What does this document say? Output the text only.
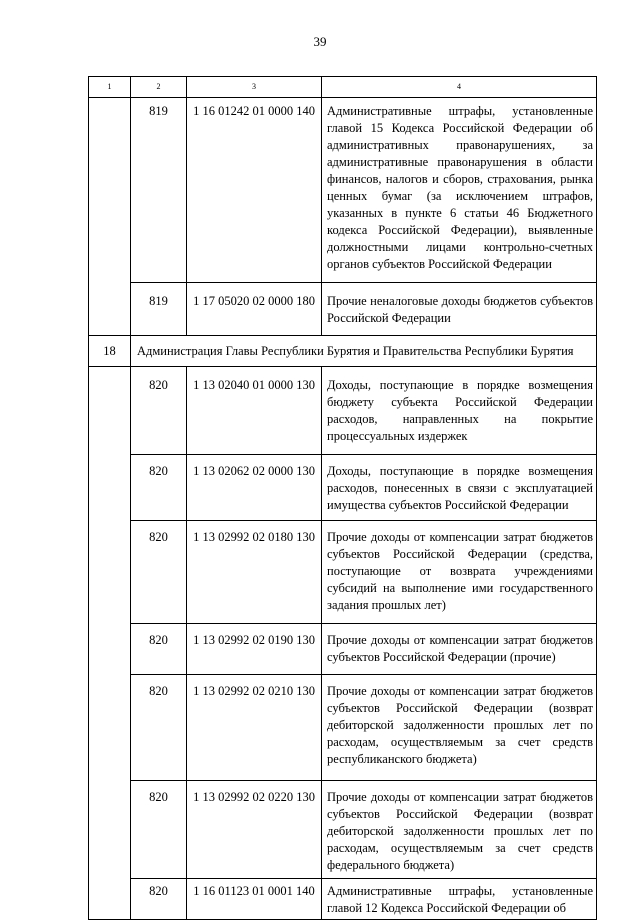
39
1	2	3	4
	819	1 16 01242 01 0000 140	Административные штрафы, установленные главой 15 Кодекса Российской Федерации об административных правонарушениях, за административные правонарушения в области финансов, налогов и сборов, страхования, рынка ценных бумаг (за исключением штрафов, указанных в пункте 6 статьи 46 Бюджетного кодекса Российской Федерации), выявленные должностными лицами контрольно-счетных органов субъектов Российской Федерации
	819	1 17 05020 02 0000 180	Прочие неналоговые доходы бюджетов субъектов Российской Федерации
18	Администрация Главы Республики Бурятия и Правительства Республики Бурятия		
	820	1 13 02040 01 0000 130	Доходы, поступающие в порядке возмещения бюджету субъекта Российской Федерации расходов, направленных на покрытие процессуальных издержек
	820	1 13 02062 02 0000 130	Доходы, поступающие в порядке возмещения расходов, понесенных в связи с эксплуатацией имущества субъектов Российской Федерации
	820	1 13 02992 02 0180 130	Прочие доходы от компенсации затрат бюджетов субъектов Российской Федерации (средства, поступающие от возврата учреждениями субсидий на выполнение ими государственного задания прошлых лет)
	820	1 13 02992 02 0190 130	Прочие доходы от компенсации затрат бюджетов субъектов Российской Федерации (прочие)
	820	1 13 02992 02 0210 130	Прочие доходы от компенсации затрат бюджетов субъектов Российской Федерации (возврат дебиторской задолженности прошлых лет по расходам, осуществляемым за счет средств республиканского бюджета)
	820	1 13 02992 02 0220 130	Прочие доходы от компенсации затрат бюджетов субъектов Российской Федерации (возврат дебиторской задолженности прошлых лет по расходам, осуществляемым за счет средств федерального бюджета)
	820	1 16 01123 01 0001 140	Административные штрафы, установленные главой 12 Кодекса Российской Федерации об
